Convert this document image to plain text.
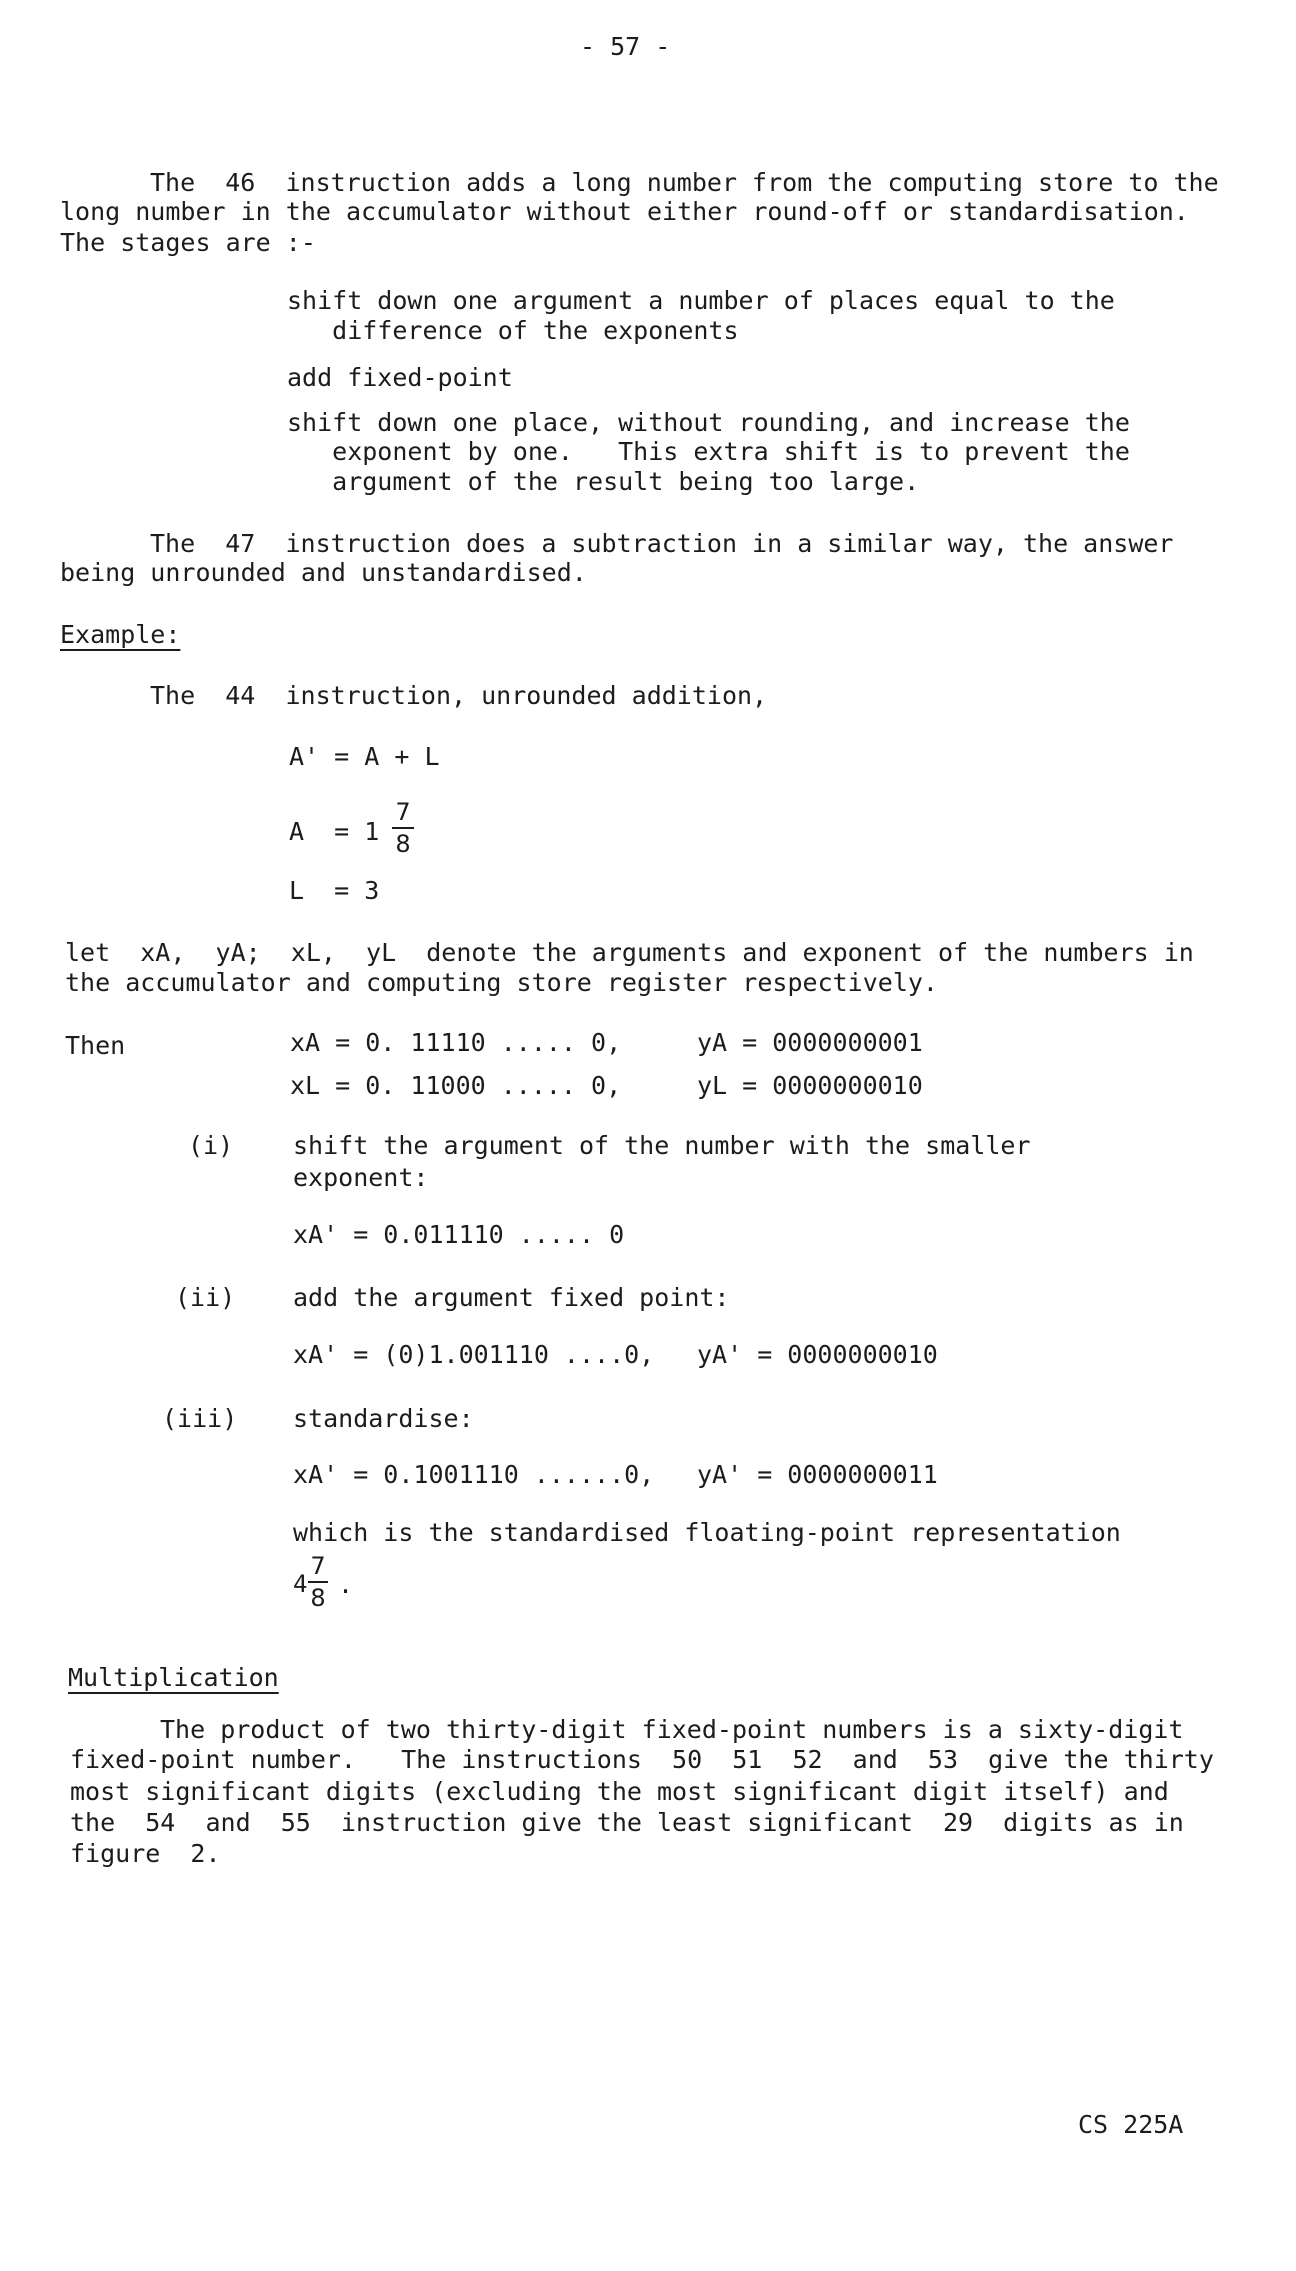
- 57 -
The  46  instruction adds a long number from the computing store to the
long number in the accumulator without either round-off or standardisation.
The stages are :-
shift down one argument a number of places equal to the
difference of the exponents
add fixed-point
shift down one place, without rounding, and increase the
exponent by one.   This extra shift is to prevent the
argument of the result being too large.
The  47  instruction does a subtraction in a similar way, the answer
being unrounded and unstandardised.
Example:
The  44  instruction, unrounded addition,
A' = A + L
A  = 1
7
8
L  = 3
let  xA,  yA;  xL,  yL  denote the arguments and exponent of the numbers in
the accumulator and computing store register respectively.
Then	xA = 0. 11110 ..... 0,	yA = 0000000001
xL = 0. 11000 ..... 0,	yL = 0000000010
(i) shift the argument of the number with the smaller
exponent:
xA' = 0.011110 ..... 0
(ii) add the argument fixed point:
xA' = (0)1.001110 ....0, yA' = 0000000010
(iii) standardise:
xA' = 0.1001110 ......0, yA' = 0000000011
which is the standardised floating-point representation
4
7
8 .
Multiplication
The product of two thirty-digit fixed-point numbers is a sixty-digit
fixed-point number.   The instructions  50  51  52  and  53  give the thirty
most significant digits (excluding the most significant digit itself) and
the  54  and  55  instruction give the least significant  29  digits as in
figure  2.
CS 225A
